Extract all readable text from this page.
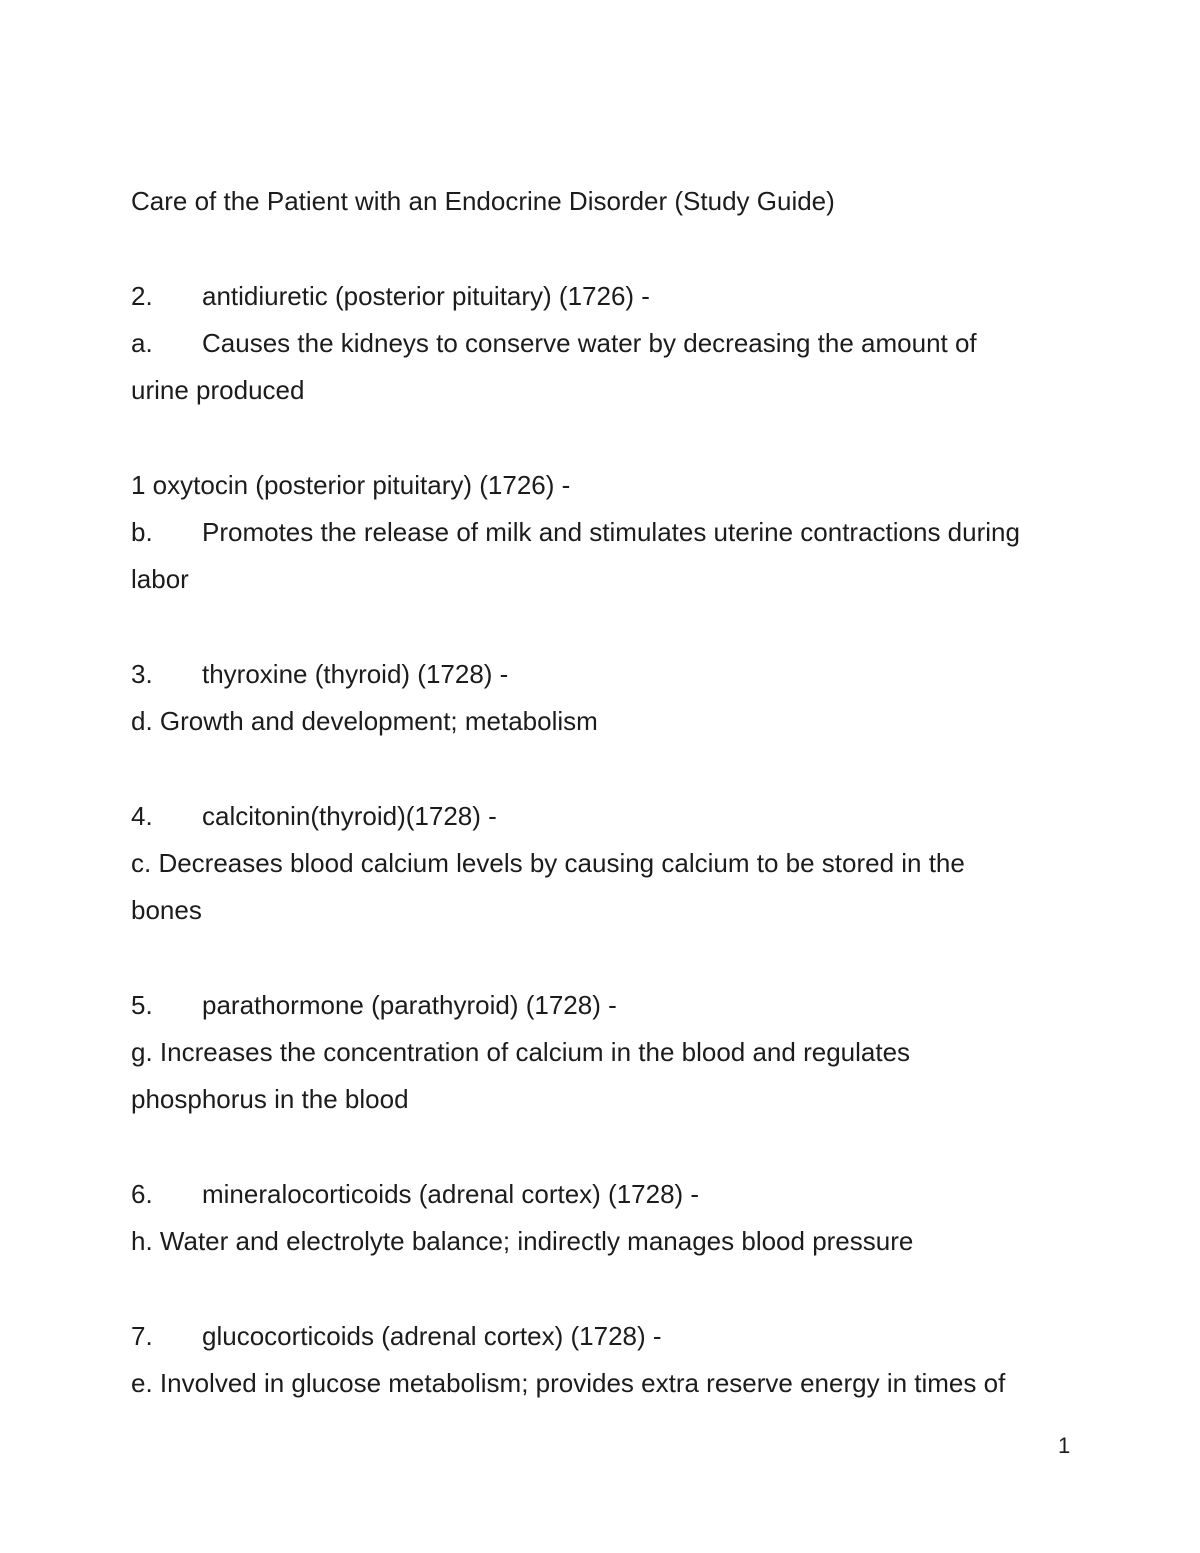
Care of the Patient with an Endocrine Disorder (Study Guide)
2. antidiuretic (posterior pituitary) (1726) -
a. Causes the kidneys to conserve water by decreasing the amount of
urine produced
1 oxytocin (posterior pituitary) (1726) -
b. Promotes the release of milk and stimulates uterine contractions during
labor
3. thyroxine (thyroid) (1728) -
d. Growth and development; metabolism
4. calcitonin(thyroid)(1728) -
c. Decreases blood calcium levels by causing calcium to be stored in the
bones
5. parathormone (parathyroid) (1728) -
g. Increases the concentration of calcium in the blood and regulates
phosphorus in the blood
6. mineralocorticoids (adrenal cortex) (1728) -
h. Water and electrolyte balance; indirectly manages blood pressure
7. glucocorticoids (adrenal cortex) (1728) -
e. Involved in glucose metabolism; provides extra reserve energy in times of
1
